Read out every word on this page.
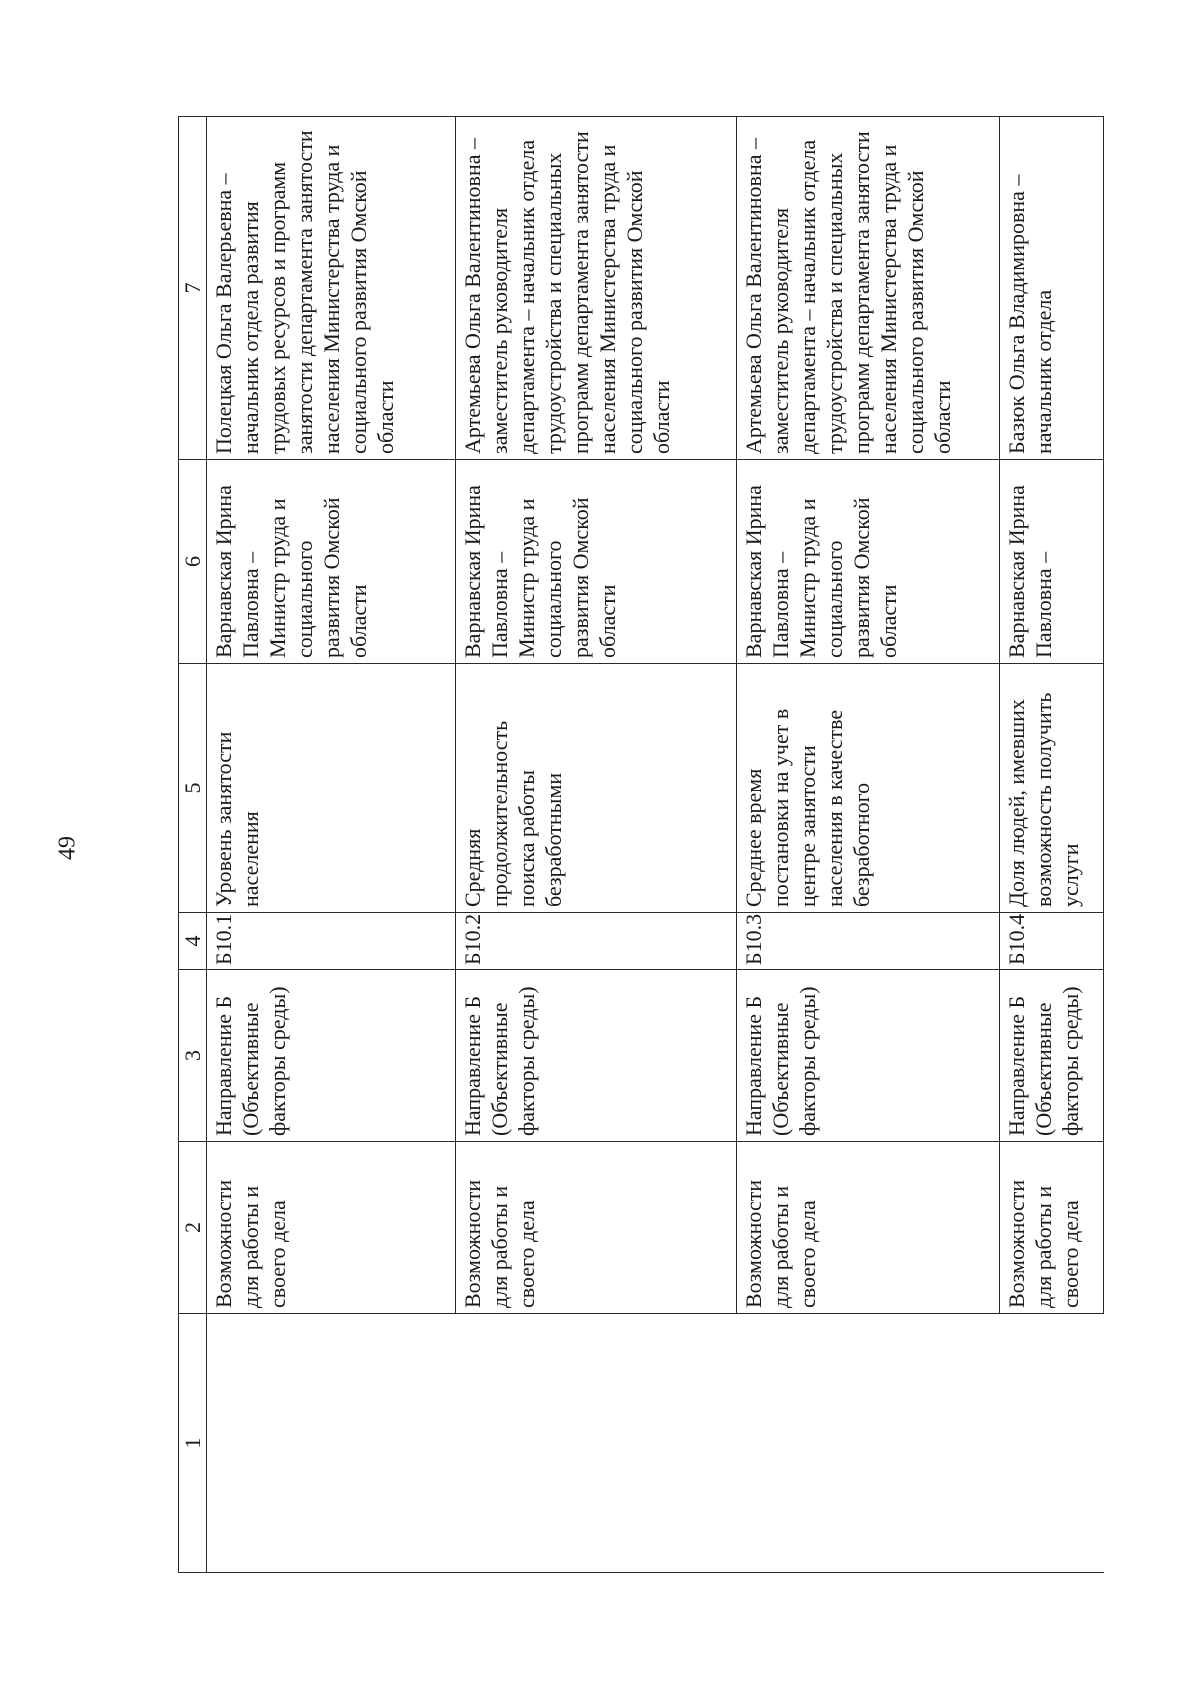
49
1	2	3	4	5	6	7
	Возможности для работы и своего дела	Направление Б (Объективные факторы среды)	Б10.1	Уровень занятости населения	Варнавская Ирина Павловна – Министр труда и социального развития Омской области	Полецкая Ольга Валерьевна – начальник отдела развития трудовых ресурсов и программ занятости департамента занятости населения Министерства труда и социального развития Омской области
	Возможности для работы и своего дела	Направление Б (Объективные факторы среды)	Б10.2	Средняя продолжительность поиска работы безработными	Варнавская Ирина Павловна – Министр труда и социального развития Омской области	Артемьева Ольга Валентиновна – заместитель руководителя департамента – начальник отдела трудоустройства и специальных программ департамента занятости населения Министерства труда и социального развития Омской области
	Возможности для работы и своего дела	Направление Б (Объективные факторы среды)	Б10.3	Среднее время постановки на учет в центре занятости населения в качестве безработного	Варнавская Ирина Павловна – Министр труда и социального развития Омской области	Артемьева Ольга Валентиновна – заместитель руководителя департамента – начальник отдела трудоустройства и специальных программ департамента занятости населения Министерства труда и социального развития Омской области
	Возможности для работы и своего дела	Направление Б (Объективные факторы среды)	Б10.4	Доля людей, имевших возможность получить услуги	Варнавская Ирина Павловна –	Базюк Ольга Владимировна – начальник отдела
